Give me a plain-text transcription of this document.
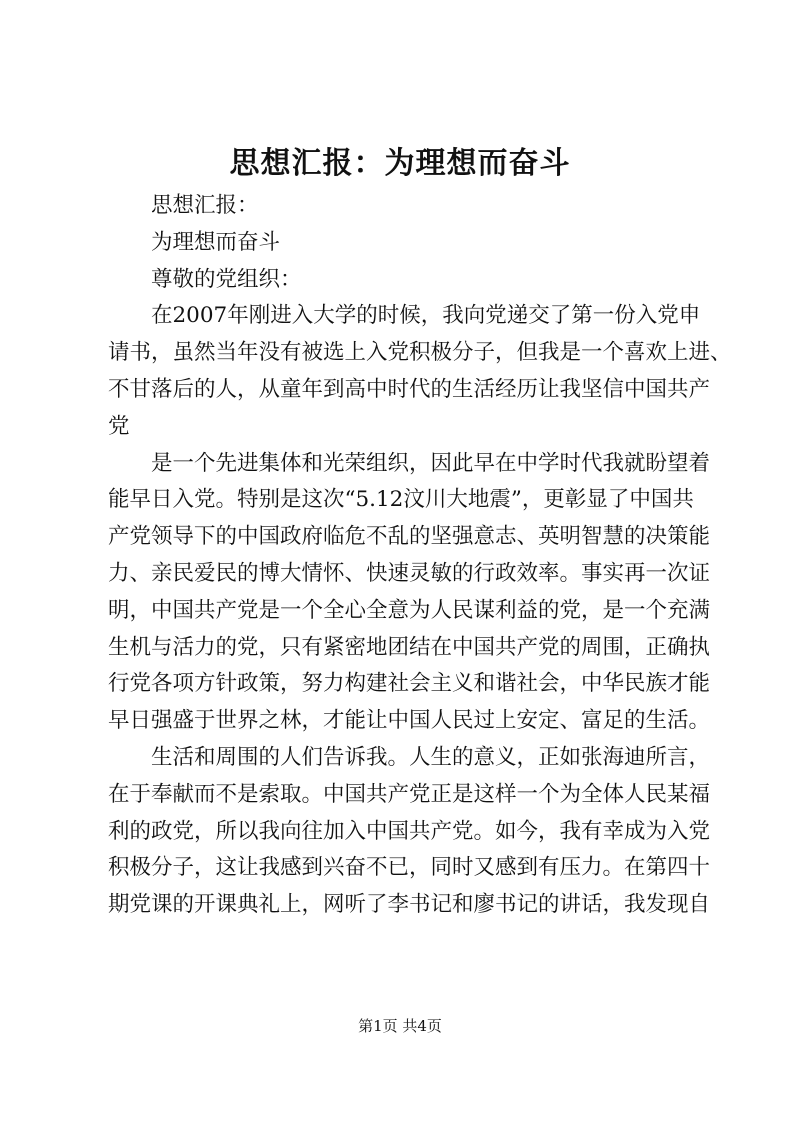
思想汇报：为理想而奋斗
思想汇报：
为理想而奋斗
尊敬的党组织：
在2007年刚进入大学的时候，我向党递交了第一份入党申
请书，虽然当年没有被选上入党积极分子，但我是一个喜欢上进、
不甘落后的人，从童年到高中时代的生活经历让我坚信中国共产
党
是一个先进集体和光荣组织，因此早在中学时代我就盼望着
能早日入党。特别是这次“5.12汶川大地震”，更彰显了中国共
产党领导下的中国政府临危不乱的坚强意志、英明智慧的决策能
力、亲民爱民的博大情怀、快速灵敏的行政效率。事实再一次证
明，中国共产党是一个全心全意为人民谋利益的党，是一个充满
生机与活力的党，只有紧密地团结在中国共产党的周围，正确执
行党各项方针政策，努力构建社会主义和谐社会，中华民族才能
早日强盛于世界之林，才能让中国人民过上安定、富足的生活。
生活和周围的人们告诉我。人生的意义，正如张海迪所言，
在于奉献而不是索取。中国共产党正是这样一个为全体人民某福
利的政党，所以我向往加入中国共产党。如今，我有幸成为入党
积极分子，这让我感到兴奋不已，同时又感到有压力。在第四十
期党课的开课典礼上，网听了李书记和廖书记的讲话，我发现自
第1页 共4页
